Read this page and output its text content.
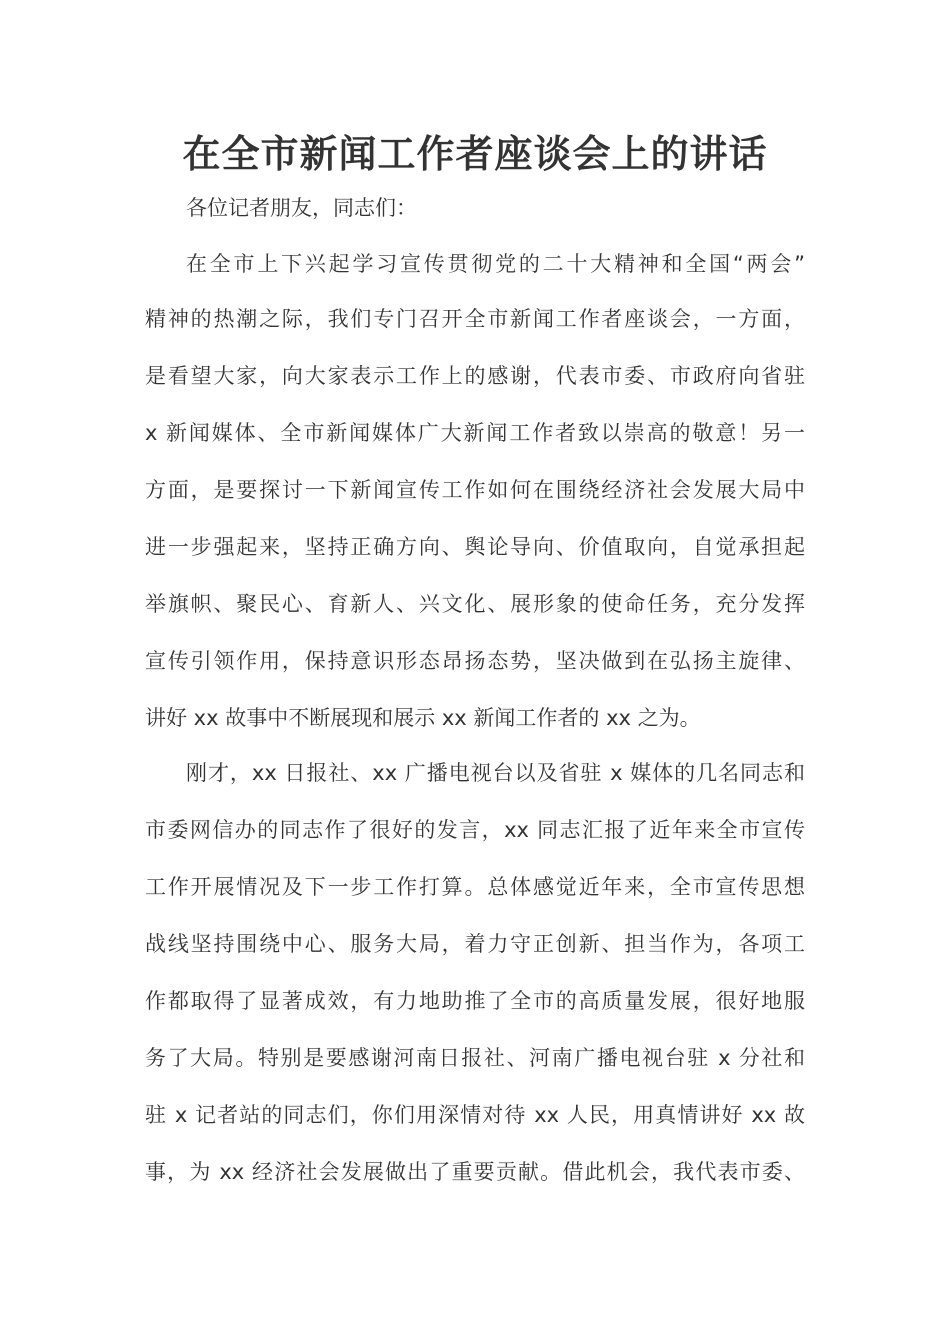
在全市新闻工作者座谈会上的讲话

各位记者朋友，同志们：

在全市上下兴起学习宣传贯彻党的二十大精神和全国“两会”

精神的热潮之际，我们专门召开全市新闻工作者座谈会，一方面，

是看望大家，向大家表示工作上的感谢，代表市委、市政府向省驻

x 新闻媒体、全市新闻媒体广大新闻工作者致以崇高的敬意！另一

方面，是要探讨一下新闻宣传工作如何在围绕经济社会发展大局中

进一步强起来，坚持正确方向、舆论导向、价值取向，自觉承担起

举旗帜、聚民心、育新人、兴文化、展形象的使命任务，充分发挥

宣传引领作用，保持意识形态昂扬态势，坚决做到在弘扬主旋律、

讲好 xx 故事中不断展现和展示 xx 新闻工作者的 xx 之为。

刚才，xx 日报社、xx 广播电视台以及省驻 x 媒体的几名同志和

市委网信办的同志作了很好的发言，xx 同志汇报了近年来全市宣传

工作开展情况及下一步工作打算。总体感觉近年来，全市宣传思想

战线坚持围绕中心、服务大局，着力守正创新、担当作为，各项工

作都取得了显著成效，有力地助推了全市的高质量发展，很好地服

务了大局。特别是要感谢河南日报社、河南广播电视台驻 x 分社和

驻 x 记者站的同志们，你们用深情对待 xx 人民，用真情讲好 xx 故

事，为 xx 经济社会发展做出了重要贡献。借此机会，我代表市委、
